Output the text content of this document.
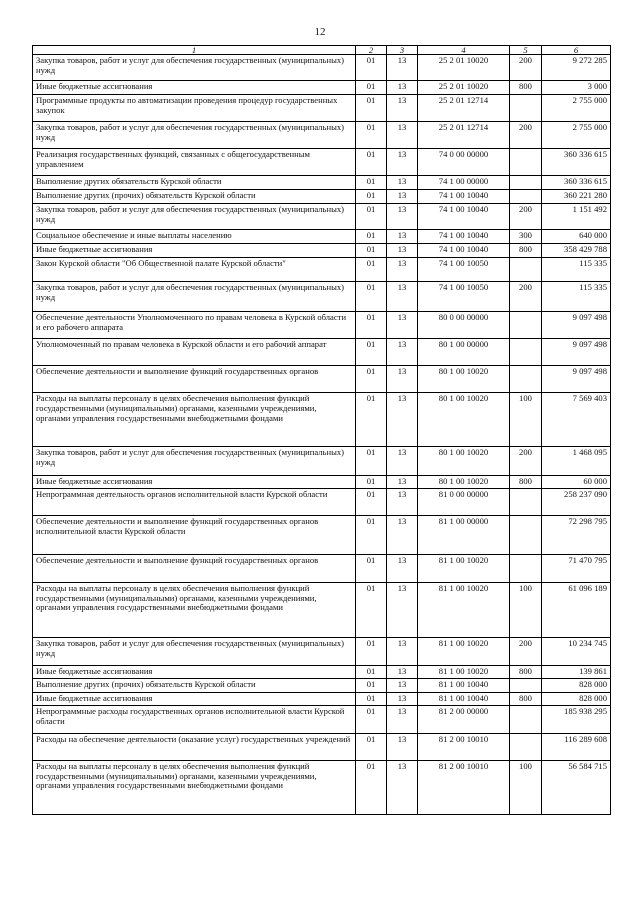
12
1	2	3	4	5	6
Закупка товаров, работ и услуг для обеспечения государственных (муниципальных) нужд	01	13	25 2 01 10020	200	9 272 285
Иные бюджетные ассигнования	01	13	25 2 01 10020	800	3 000
Программные продукты по автоматизации проведения процедур государственных закупок	01	13	25 2 01 12714		2 755 000
Закупка товаров, работ и услуг для обеспечения государственных (муниципальных) нужд	01	13	25 2 01 12714	200	2 755 000
Реализация государственных функций, связанных с общегосударственным управлением	01	13	74 0 00 00000		360 336 615
Выполнение других обязательств Курской области	01	13	74 1 00 00000		360 336 615
Выполнение других (прочих) обязательств Курской области	01	13	74 1 00 10040		360 221 280
Закупка товаров, работ и услуг для обеспечения государственных (муниципальных) нужд	01	13	74 1 00 10040	200	1 151 492
Социальное обеспечение и иные выплаты населению	01	13	74 1 00 10040	300	640 000
Иные бюджетные ассигнования	01	13	74 1 00 10040	800	358 429 788
Закон Курской области "Об Общественной палате Курской области"	01	13	74 1 00 10050		115 335
Закупка товаров, работ и услуг для обеспечения государственных (муниципальных) нужд	01	13	74 1 00 10050	200	115 335
Обеспечение деятельности Уполномоченного по правам человека в Курской области и его рабочего аппарата	01	13	80 0 00 00000		9 097 498
Уполномоченный по правам человека в Курской области и его рабочий аппарат	01	13	80 1 00 00000		9 097 498
Обеспечение деятельности и выполнение функций государственных органов	01	13	80 1 00 10020		9 097 498
Расходы на выплаты персоналу в целях обеспечения выполнения функций государственными (муниципальными) органами, казенными учреждениями, органами управления государственными внебюджетными фондами	01	13	80 1 00 10020	100	7 569 403
Закупка товаров, работ и услуг для обеспечения государственных (муниципальных) нужд	01	13	80 1 00 10020	200	1 468 095
Иные бюджетные ассигнования	01	13	80 1 00 10020	800	60 000
Непрограммная деятельность органов исполнительной власти Курской области	01	13	81 0 00 00000		258 237 090
Обеспечение деятельности и выполнение функций государственных органов исполнительной власти Курской области	01	13	81 1 00 00000		72 298 795
Обеспечение деятельности и выполнение функций государственных органов	01	13	81 1 00 10020		71 470 795
Расходы на выплаты персоналу в целях обеспечения выполнения функций государственными (муниципальными) органами, казенными учреждениями, органами управления государственными внебюджетными фондами	01	13	81 1 00 10020	100	61 096 189
Закупка товаров, работ и услуг для обеспечения государственных (муниципальных) нужд	01	13	81 1 00 10020	200	10 234 745
Иные бюджетные ассигнования	01	13	81 1 00 10020	800	139 861
Выполнение других (прочих) обязательств Курской области	01	13	81 1 00 10040		828 000
Иные бюджетные ассигнования	01	13	81 1 00 10040	800	828 000
Непрограммные расходы государственных органов исполнительной власти Курской области	01	13	81 2 00 00000		185 938 295
Расходы на обеспечение деятельности (оказание услуг) государственных учреждений	01	13	81 2 00 10010		116 289 608
Расходы на выплаты персоналу в целях обеспечения выполнения функций государственными (муниципальными) органами, казенными учреждениями, органами управления государственными внебюджетными фондами	01	13	81 2 00 10010	100	56 584 715
